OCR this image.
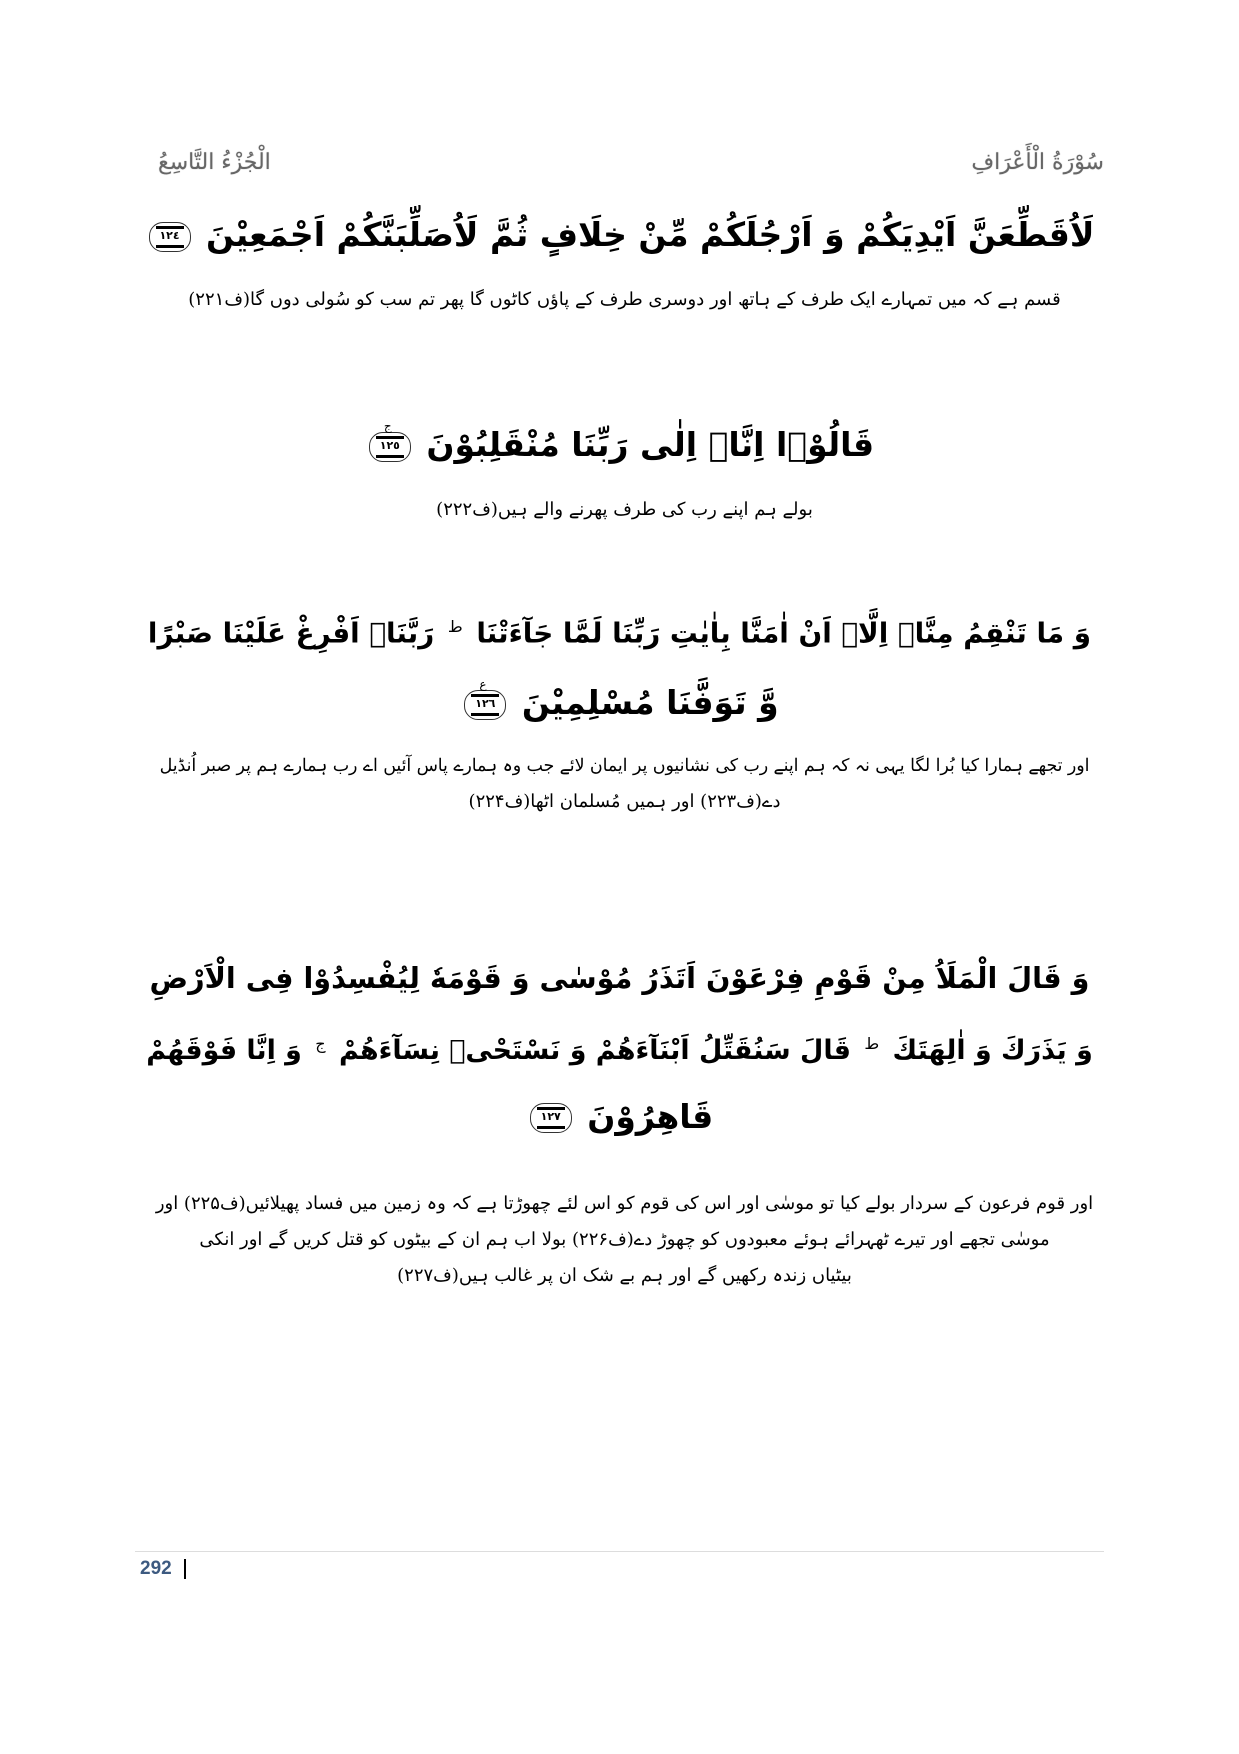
سُوْرَةُ الْأَعْرَافِ
الْجُزْءُ التَّاسِعُ
لَاُقَطِّعَنَّ اَيْدِيَكُمْ وَ اَرْجُلَكُمْ مِّنْ خِلَافٍ ثُمَّ لَاُصَلِّبَنَّكُمْ اَجْمَعِيْنَ ١٢٤
قسم ہے کہ میں تمہارے ایک طرف کے ہاتھ اور دوسری طرف کے پاؤں کاٹوں گا پھر تم سب کو سُولی دوں گا(ف۲۲۱)
قَالُوْۤا اِنَّاۤ اِلٰى رَبِّنَا مُنْقَلِبُوْنَ
ج
١٢٥
بولے ہم اپنے رب کی طرف پھرنے والے ہیں(ف۲۲۲)
وَ مَا تَنْقِمُ مِنَّاۤ اِلَّاۤ اَنْ اٰمَنَّا بِاٰيٰتِ رَبِّنَا لَمَّا جَآءَتْنَا $^ط$ رَبَّنَاۤ اَفْرِغْ عَلَيْنَا صَبْرًا
وَّ تَوَفَّنَا مُسْلِمِيْنَ
ع
١٢٦
اور تجھے ہمارا کیا بُرا لگا یہی نہ کہ ہم اپنے رب کی نشانیوں پر ایمان لائے جب وہ ہمارے پاس آئیں اے رب ہمارے ہم پر صبر اُنڈیل
دے(ف۲۲۳) اور ہمیں مُسلمان اٹھا(ف۲۲۴)
وَ قَالَ الْمَلَاُ مِنْ قَوْمِ فِرْعَوْنَ اَتَذَرُ مُوْسٰى وَ قَوْمَهٗ لِيُفْسِدُوْا فِى الْاَرْضِ
وَ يَذَرَكَ وَ اٰلِهَتَكَ $^ط$ قَالَ سَنُقَتِّلُ اَبْنَآءَهُمْ وَ نَسْتَحْیٖ نِسَآءَهُمْ $^ج$ وَ اِنَّا فَوْقَهُمْ
قَاهِرُوْنَ ١٢٧
اور قوم فرعون کے سردار بولے کیا تو موسٰی اور اس کی قوم کو اس لئے چھوڑتا ہے کہ وہ زمین میں فساد پھیلائیں(ف۲۲۵) اور
موسٰی تجھے اور تیرے ٹھہرائے ہوئے معبودوں کو چھوڑ دے(ف۲۲۶) بولا اب ہم ان کے بیٹوں کو قتل کریں گے اور انکی
بیٹیاں زندہ رکھیں گے اور ہم بے شک ان پر غالب ہیں(ف۲۲۷)
292
